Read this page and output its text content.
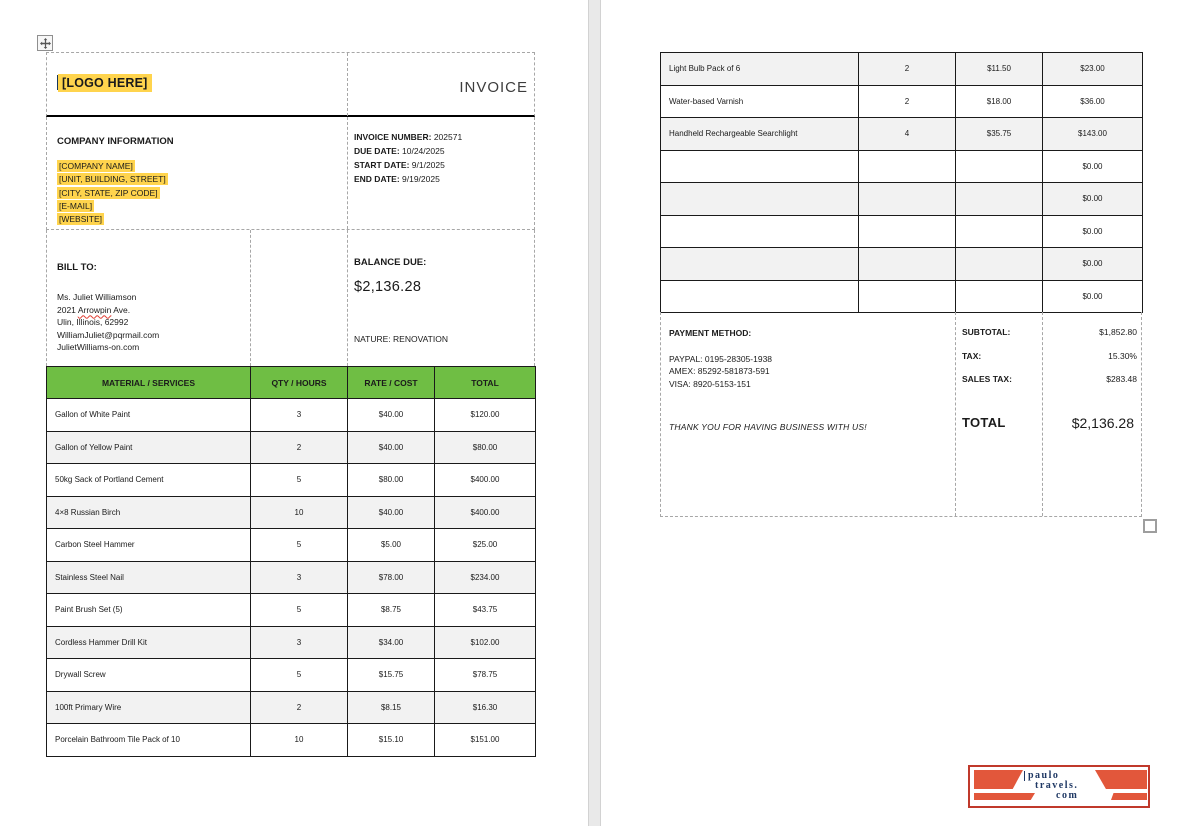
[LOGO HERE]	INVOICE
COMPANY INFORMATION
[COMPANY NAME]
[UNIT, BUILDING, STREET]
[CITY, STATE, ZIP CODE]
[E-MAIL]
[WEBSITE]
INVOICE NUMBER: 202571
DUE DATE: 10/24/2025
START DATE: 9/1/2025
END DATE: 9/19/2025
BILL TO:
Ms. Juliet Williamson
2021 Arrowpin Ave.
Ulin, Illinois, 62992
WilliamJuliet@pqrmail.com
JulietWilliams-on.com
BALANCE DUE:
$2,136.28
NATURE: RENOVATION
MATERIAL / SERVICES	QTY / HOURS	RATE / COST	TOTAL
Gallon of White Paint	3	$40.00	$120.00
Gallon of Yellow Paint	2	$40.00	$80.00
50kg Sack of Portland Cement	5	$80.00	$400.00
4×8 Russian Birch	10	$40.00	$400.00
Carbon Steel Hammer	5	$5.00	$25.00
Stainless Steel Nail	3	$78.00	$234.00
Paint Brush Set (5)	5	$8.75	$43.75
Cordless Hammer Drill Kit	3	$34.00	$102.00
Drywall Screw	5	$15.75	$78.75
100ft Primary Wire	2	$8.15	$16.30
Porcelain Bathroom Tile Pack of 10	10	$15.10	$151.00
Light Bulb Pack of 6	2	$11.50	$23.00
Water-based Varnish	2	$18.00	$36.00
Handheld Rechargeable Searchlight	4	$35.75	$143.00
			$0.00
			$0.00
			$0.00
			$0.00
			$0.00
PAYMENT METHOD:
PAYPAL: 0195-28305-1938
AMEX: 85292-581873-591
VISA: 8920-5153-151
THANK YOU FOR HAVING BUSINESS WITH US!
SUBTOTAL:	$1,852.80
TAX:	15.30%
SALES TAX:	$283.48
TOTAL	$2,136.28
paulo
travels.
com
